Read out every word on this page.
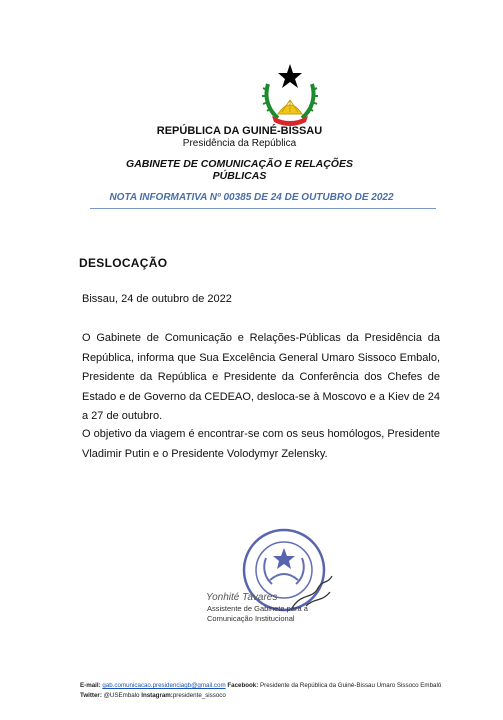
REPÚBLICA DA GUINÉ-BISSAU
Presidência da República
GABINETE DE COMUNICAÇÃO E RELAÇÕES
PÚBLICAS
NOTA INFORMATIVA Nº 00385 DE 24 DE OUTUBRO DE 2022
DESLOCAÇÃO
Bissau, 24 de outubro de 2022
O Gabinete de Comunicação e Relações-Públicas da Presidência da República, informa que Sua Excelência General Umaro Sissoco Embalo, Presidente da República e Presidente da Conferência dos Chefes de Estado e de Governo da CEDEAO, desloca-se à Moscovo e a Kiev de 24 a 27 de outubro.
O objetivo da viagem é encontrar-se com os seus homólogos, Presidente Vladimir Putin e o Presidente Volodymyr Zelensky.
Yonhité Tavares
Assistente de Gabinete para a
Comunicação Institucional
E-mail: gab.comunicacao.presidenciagb@gmail.com Facebook: Presidente da República da Guiné-Bissau Umaro Sissoco Embaló
Twitter: @USEmbalo Instagram:presidente_sissoco
